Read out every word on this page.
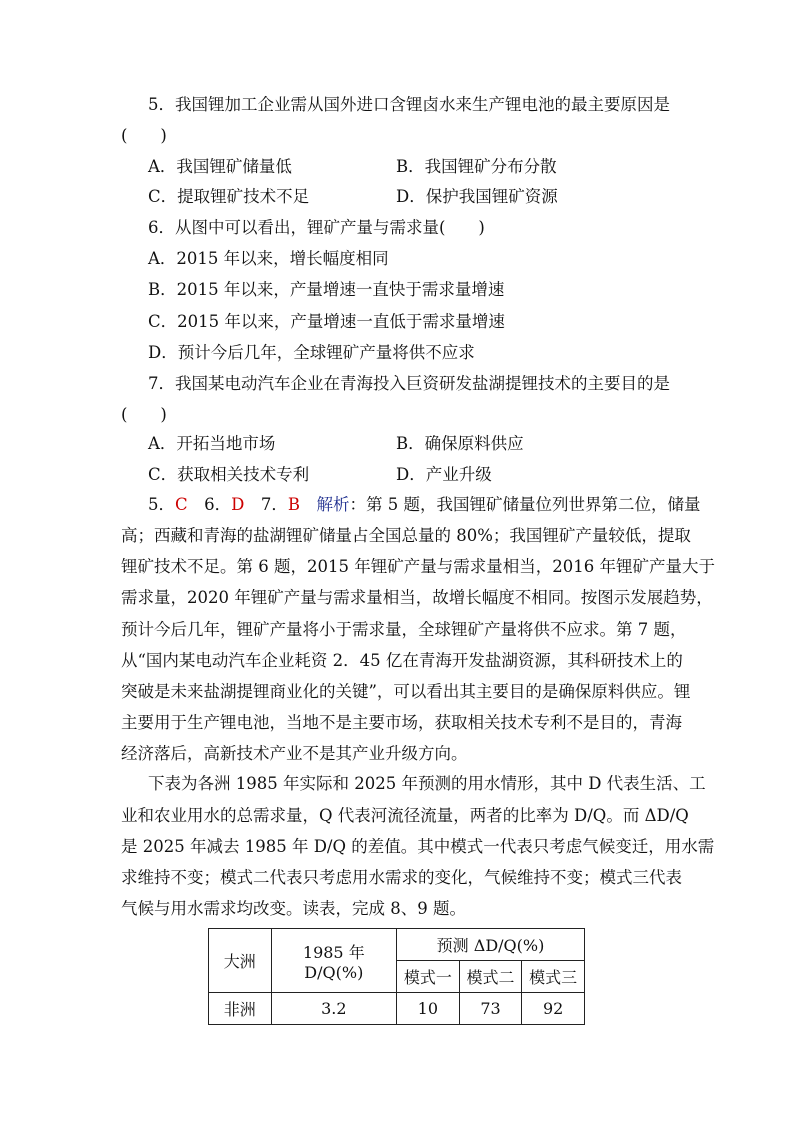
5．我国锂加工企业需从国外进口含锂卤水来生产锂电池的最主要原因是
(　　)
A．我国锂矿储量低	B．我国锂矿分布分散
C．提取锂矿技术不足	D．保护我国锂矿资源
6．从图中可以看出，锂矿产量与需求量(　　)
A．2015 年以来，增长幅度相同
B．2015 年以来，产量增速一直快于需求量增速
C．2015 年以来，产量增速一直低于需求量增速
D．预计今后几年，全球锂矿产量将供不应求
7．我国某电动汽车企业在青海投入巨资研发盐湖提锂技术的主要目的是
(　　)
A．开拓当地市场	B．确保原料供应
C．获取相关技术专利	D．产业升级
5．C　6．D　7．B　解析：第 5 题，我国锂矿储量位列世界第二位，储量
高；西藏和青海的盐湖锂矿储量占全国总量的 80%；我国锂矿产量较低，提取
锂矿技术不足。第 6 题，2015 年锂矿产量与需求量相当，2016 年锂矿产量大于
需求量，2020 年锂矿产量与需求量相当，故增长幅度不相同。按图示发展趋势，
预计今后几年，锂矿产量将小于需求量，全球锂矿产量将供不应求。第 7 题，
从“国内某电动汽车企业耗资 2．45 亿在青海开发盐湖资源，其科研技术上的
突破是未来盐湖提锂商业化的关键”，可以看出其主要目的是确保原料供应。锂
主要用于生产锂电池，当地不是主要市场，获取相关技术专利不是目的，青海
经济落后，高新技术产业不是其产业升级方向。
下表为各洲 1985 年实际和 2025 年预测的用水情形，其中 D 代表生活、工
业和农业用水的总需求量，Q 代表河流径流量，两者的比率为 D/Q。而 ΔD/Q
是 2025 年减去 1985 年 D/Q 的差值。其中模式一代表只考虑气候变迁，用水需
求维持不变；模式二代表只考虑用水需求的变化，气候维持不变；模式三代表
气候与用水需求均改变。读表，完成 8、9 题。
大洲	1985 年 D/Q(%)	预测 ΔD/Q(%)		
		模式一	模式二	模式三
非洲	3.2	10	73	92
